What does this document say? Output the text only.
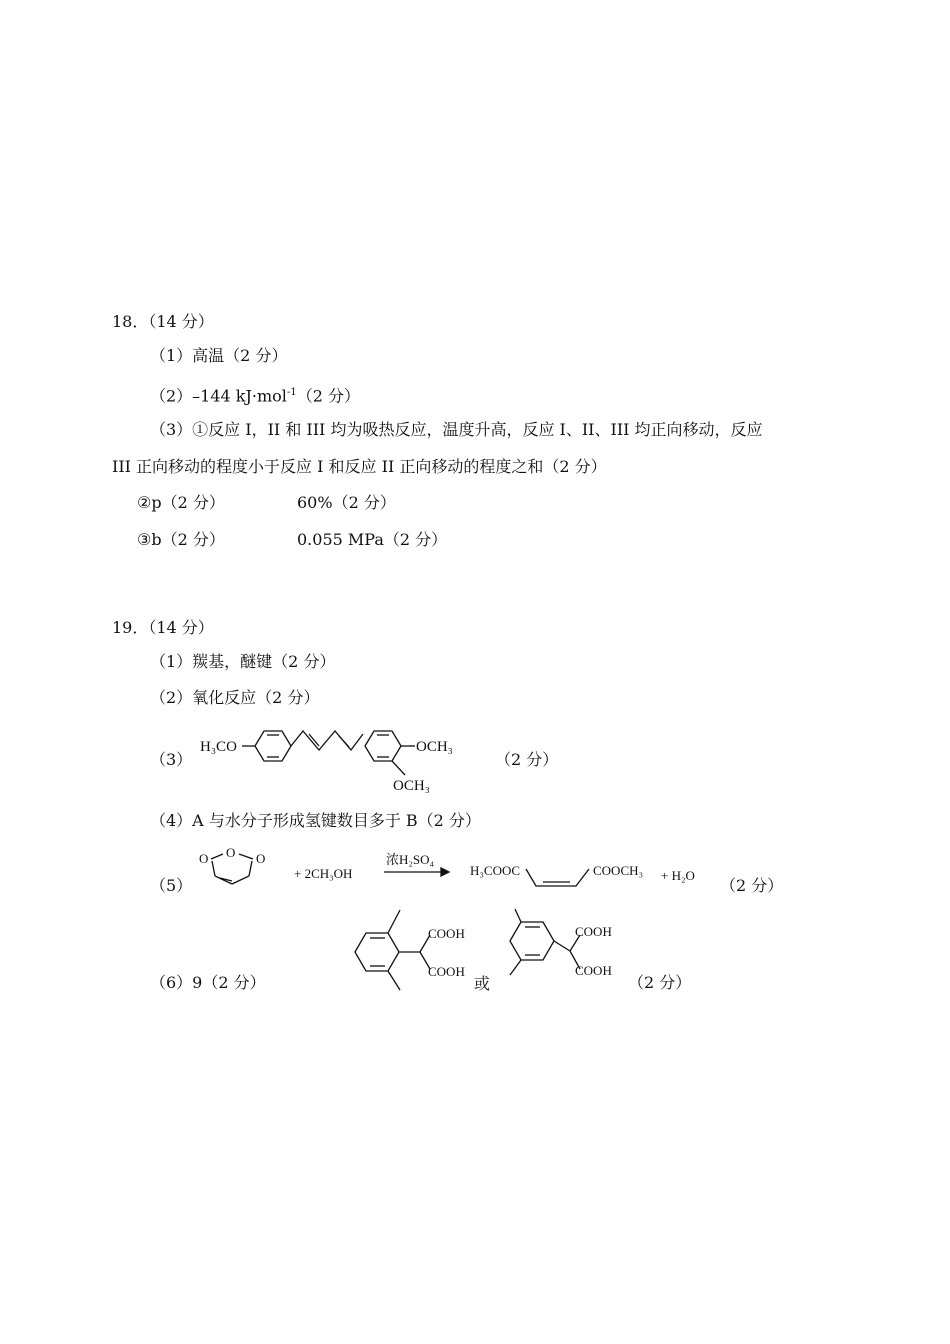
18．（14 分）
（1）高温（2 分）
（2）–144 kJ·mol$^{-1}$（2 分）
（3）①反应 I，II 和 III 均为吸热反应，温度升高，反应 I、II、III 均正向移动，反应
III 正向移动的程度小于反应 I 和反应 II 正向移动的程度之和（2 分）
②p（2 分）	60%（2 分）
③b（2 分）	0.055 MPa（2 分）
19．（14 分）
（1）羰基，醚键（2 分）
（2）氧化反应（2 分）
（3）
H₃CO	OCH₃
OCH₃
（2 分）
（4）A 与水分子形成氢键数目多于 B（2 分）
（5）
O O O
+ 2CH₃OH
浓H₂SO₄
H₃COOC	COOCH₃ + H₂O
（2 分）
（6）9（2 分）
COOH
COOH
或
COOH
COOH
（2 分）
